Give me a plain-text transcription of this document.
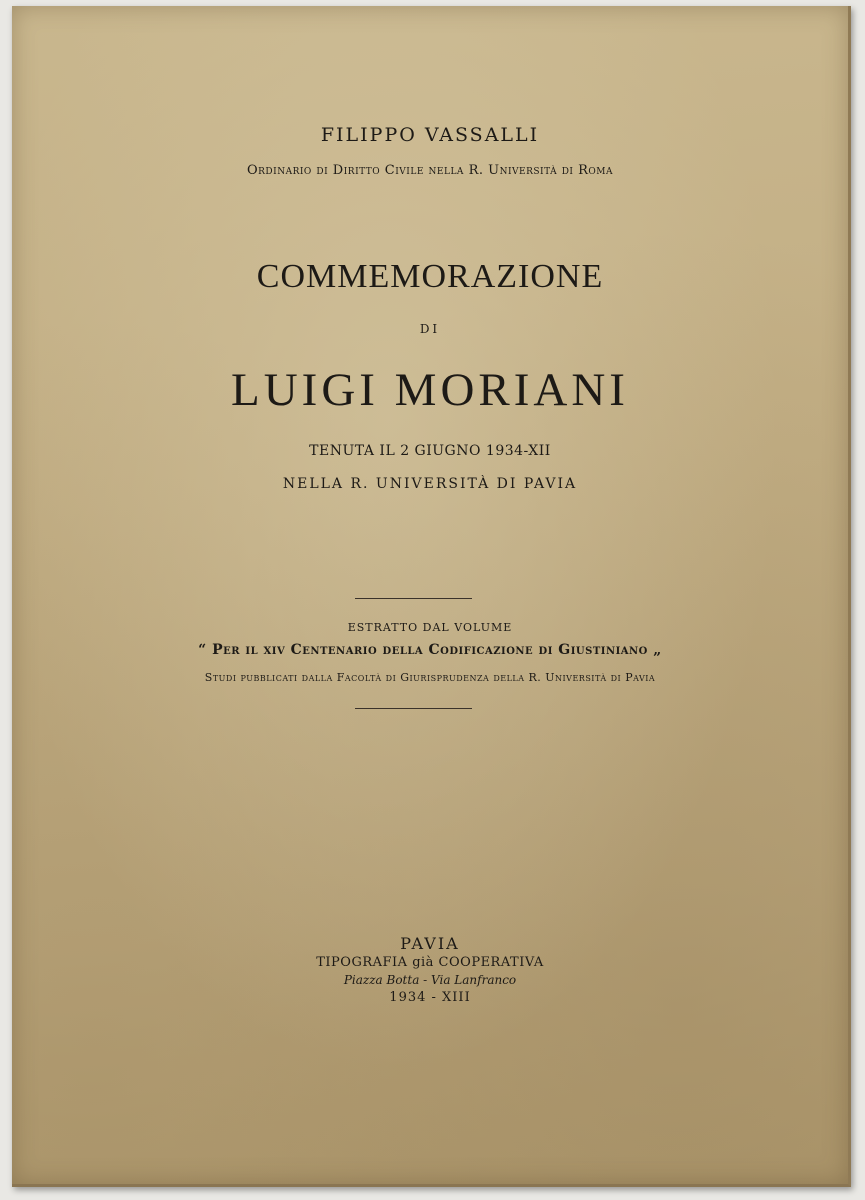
FILIPPO VASSALLI
Ordinario di Diritto Civile nella R. Università di Roma
COMMEMORAZIONE
DI
LUIGI MORIANI
TENUTA IL 2 GIUGNO 1934-XII
NELLA R. UNIVERSITÀ DI PAVIA
ESTRATTO DAL VOLUME
“ Per il xiv Centenario della Codificazione di Giustiniano „
Studi pubblicati dalla Facoltà di Giurisprudenza della R. Università di Pavia
PAVIA
TIPOGRAFIA già COOPERATIVA
Piazza Botta - Via Lanfranco
1934 - XIII
